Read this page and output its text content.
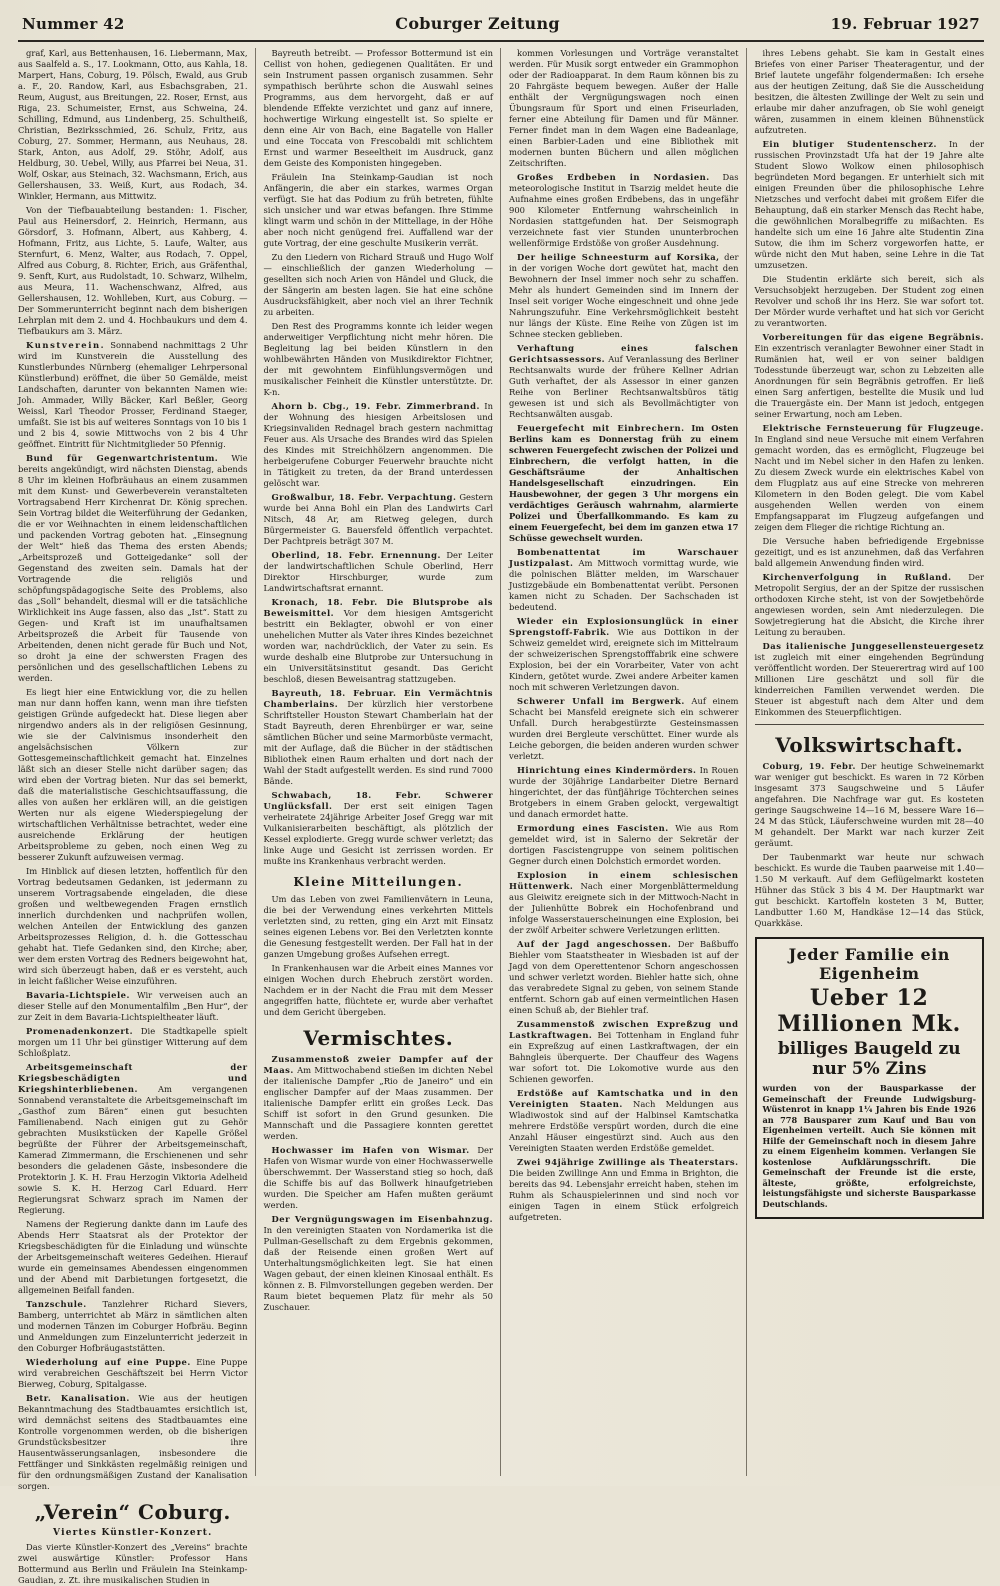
Nummer 42	Coburger Zeitung	19. Februar 1927

graf, Karl, aus Bettenhausen, 16. Liebermann, Max, aus Saalfeld a. S., 17. Lookmann, Otto, aus Kahla, 18. Marpert, Hans, Coburg, 19. Pölsch, Ewald, aus Grub a. F., 20. Randow, Karl, aus Esbachsgraben, 21. Reum, August, aus Breitungen, 22. Roser, Ernst, aus Riga, 23. Schumeister, Ernst, aus Schweina, 24. Schilling, Edmund, aus Lindenberg, 25. Schultheiß, Christian, Bezirksschmied, 26. Schulz, Fritz, aus Coburg, 27. Sommer, Hermann, aus Neuhaus, 28. Stark, Anton, aus Adolf, 29. Stöhr, Adolf, aus Heldburg, 30. Uebel, Willy, aus Pfarrei bei Neua, 31. Wolf, Oskar, aus Steinach, 32. Wachsmann, Erich, aus Gellershausen, 33. Weiß, Kurt, aus Rodach, 34. Winkler, Hermann, aus Mittwitz.

Von der Tiefbauabteilung bestanden: 1. Fischer, Paul aus Heinersdorf, 2. Heinrich, Hermann, aus Görsdorf, 3. Hofmann, Albert, aus Kahberg, 4. Hofmann, Fritz, aus Lichte, 5. Laufe, Walter, aus Sternfurt, 6. Menz, Walter, aus Rodach, 7. Oppel, Alfred aus Coburg, 8. Richter, Erich, aus Gräfenthal, 9. Senft, Kurt, aus Rudolstadt, 10. Schwarz, Wilhelm, aus Meura, 11. Wachenschwanz, Alfred, aus Gellershausen, 12. Wohlleben, Kurt, aus Coburg. — Der Sommerunterricht beginnt nach dem bisherigen Lehrplan mit dem 2. und 4. Hochbaukurs und dem 4. Tiefbaukurs am 3. März.

Kunstverein. Sonnabend nachmittags 2 Uhr wird im Kunstverein die Ausstellung des Kunstlerbundes Nürnberg (ehemaliger Lehrpersonal Künstlerbund) eröffnet, die über 50 Gemälde, meist Landschaften, darunter von bekannten Namen wie: Joh. Ammader, Willy Bäcker, Karl Beßler, Georg Weissl, Karl Theodor Prosser, Ferdinand Staeger, umfaßt. Sie ist bis auf weiteres Sonntags von 10 bis 1 und 2 bis 4, sowie Mittwochs von 2 bis 4 Uhr geöffnet. Eintritt für Nichtmitglieder 50 Pfennig.

Bund für Gegenwartchristentum. Wie bereits angekündigt, wird nächsten Dienstag, abends 8 Uhr im kleinen Hofbräuhaus an einem zusammen mit dem Kunst- und Gewerbeverein veranstalteten Vortragsabend Herr Kirchenrat Dr. König sprechen. Sein Vortrag bildet die Weiterführung der Gedanken, die er vor Weihnachten in einem leidenschaftlichen und packenden Vortrag geboten hat. „Einsegnung der Welt“ hieß das Thema des ersten Abends; „Arbeitsprozeß und Gotteigedanke“ soll der Gegenstand des zweiten sein. Damals hat der Vortragende die religiös und schöpfungspädagogische Seite des Problems, also das „Soll“ behandelt, diesmal will er die tatsächliche Wirklichkeit ins Auge fassen, also das „Ist“. Statt zu Gegen- und Kraft ist im unaufhaltsamen Arbeitsprozeß die Arbeit für Tausende von Arbeitenden, denen nicht gerade für Buch und Not, so droht ja eine der schwersten Fragen des persönlichen und des gesellschaftlichen Lebens zu werden.

Es liegt hier eine Entwicklung vor, die zu hellen man nur dann hoffen kann, wenn man ihre tiefsten geistigen Gründe aufgedeckt hat. Diese liegen aber nirgendwo anders als in der religiösen Gesinnung, wie sie der Calvinismus insonderheit den angelsächsischen Völkern zur Gottesgemeinschaftlichkeit gemacht hat. Einzelnes läßt sich an dieser Stelle nicht darüber sagen; das wird eben der Vortrag bieten. Nur das sei bemerkt, daß die materialistische Geschichtsauffassung, die alles von außen her erklären will, an die geistigen Werten nur als eigene Wiederspiegelung der wirtschaftlichen Verhältnisse betrachtet, weder eine ausreichende Erklärung der heutigen Arbeitsprobleme zu geben, noch einen Weg zu besserer Zukunft aufzuweisen vermag.

Im Hinblick auf diesen letzten, hoffentlich für den Vortrag bedeutsamen Gedanken, ist jedermann zu unserem Vortragsabende eingeladen, die diese großen und weltbewegenden Fragen ernstlich innerlich durchdenken und nachprüfen wollen, welchen Anteilen der Entwicklung des ganzen Arbeitsprozesses Religion, d. h. die Gottesschau gehabt hat. Tiefe Gedanken sind, den Kirche; aber, wer dem ersten Vortrag des Redners beigewohnt hat, wird sich überzeugt haben, daß er es versteht, auch in leicht faßlicher Weise einzuführen.

Bavaria-Lichtspiele. Wir verweisen auch an dieser Stelle auf den Monumentalfilm „Ben Hur“, der zur Zeit in dem Bavaria-Lichtspieltheater läuft.

Promenadenkonzert. Die Stadtkapelle spielt morgen um 11 Uhr bei günstiger Witterung auf dem Schloßplatz.

Arbeitsgemeinschaft der Kriegsbeschädigten und Kriegshinterbliebenen. Am vergangenen Sonnabend veranstaltete die Arbeitsgemeinschaft im „Gasthof zum Bären“ einen gut besuchten Familienabend. Nach einigen gut zu Gehör gebrachten Musikstücken der Kapelle Größel begrüßte der Führer der Arbeitsgemeinschaft, Kamerad Zimmermann, die Erschienenen und sehr besonders die geladenen Gäste, insbesondere die Protektorin J. K. H. Frau Herzogin Viktoria Adelheid sowie S. K. H. Herzog Carl Eduard. Herr Regierungsrat Schwarz sprach im Namen der Regierung.

Namens der Regierung dankte dann im Laufe des Abends Herr Staatsrat als der Protektor der Kriegsbeschädigten für die Einladung und wünschte der Arbeitsgemeinschaft weiteres Gedeihen. Hierauf wurde ein gemeinsames Abendessen eingenommen und der Abend mit Darbietungen fortgesetzt, die allgemeinen Beifall fanden.

Tanzschule. Tanzlehrer Richard Sievers, Bamberg, unterrichtet ab März in sämtlichen alten und modernen Tänzen im Coburger Hofbräu. Beginn und Anmeldungen zum Einzelunterricht jederzeit in den Coburger Hofbräugaststätten.

Wiederholung auf eine Puppe. Eine Puppe wird verabreichen Geschäftszeit bei Herrn Victor Bierweg, Coburg, Spitalgasse.

Betr. Kanalisation. Wie aus der heutigen Bekanntmachung des Stadtbauamtes ersichtlich ist, wird demnächst seitens des Stadtbauamtes eine Kontrolle vorgenommen werden, ob die bisherigen Grundstücksbesitzer ihre Hausentwässerungsanlagen, insbesondere die Fettfänger und Sinkkästen regelmäßig reinigen und für den ordnungsmäßigen Zustand der Kanalisation sorgen.

„Verein“ Coburg.
Viertes Künstler-Konzert.

Das vierte Künstler-Konzert des „Vereins“ brachte zwei auswärtige Künstler: Professor Hans Bottermund aus Berlin und Fräulein Ina Steinkamp-Gaudian, z. Zt. ihre musikalischen Studien in

Bayreuth betreibt. — Professor Bottermund ist ein Cellist von hohen, gediegenen Qualitäten. Er und sein Instrument passen organisch zusammen. Sehr sympathisch berührte schon die Auswahl seines Programms, aus dem hervorgeht, daß er auf blendende Effekte verzichtet und ganz auf innere, hochwertige Wirkung eingestellt ist. So spielte er denn eine Air von Bach, eine Bagatelle von Haller und eine Toccata von Frescobaldi mit schlichtem Ernst und warmer Beseeltheit im Ausdruck, ganz dem Geiste des Komponisten hingegeben.

Fräulein Ina Steinkamp-Gaudian ist noch Anfängerin, die aber ein starkes, warmes Organ verfügt. Sie hat das Podium zu früh betreten, fühlte sich unsicher und war etwas befangen. Ihre Stimme klingt warm und schön in der Mittellage, in der Höhe aber noch nicht genügend frei. Auffallend war der gute Vortrag, der eine geschulte Musikerin verrät.

Zu den Liedern von Richard Strauß und Hugo Wolf — einschließlich der ganzen Wiederholung — gesellten sich noch Arien von Händel und Gluck, die der Sängerin am besten lagen. Sie hat eine schöne Ausdrucksfähigkeit, aber noch viel an ihrer Technik zu arbeiten.

Den Rest des Programms konnte ich leider wegen anderweitiger Verpflichtung nicht mehr hören. Die Begleitung lag bei beiden Künstlern in den wohlbewährten Händen von Musikdirektor Fichtner, der mit gewohntem Einfühlungsvermögen und musikalischer Feinheit die Künstler unterstützte. Dr. K-n.

Ahorn b. Cbg., 19. Febr. Zimmerbrand. In der Wohnung des hiesigen Arbeitslosen und Kriegsinvaliden Rednagel brach gestern nachmittag Feuer aus. Als Ursache des Brandes wird das Spielen des Kindes mit Streichhölzern angenommen. Die herbeigerufene Coburger Feuerwehr brauchte nicht in Tätigkeit zu treten, da der Brand unterdessen gelöscht war.

Großwalbur, 18. Febr. Verpachtung. Gestern wurde bei Anna Bohl ein Plan des Landwirts Carl Nitsch, 48 Ar, am Rietweg gelegen, durch Bürgermeister G. Bauersfeld öffentlich verpachtet. Der Pachtpreis beträgt 307 M.

Oberlind, 18. Febr. Ernennung. Der Leiter der landwirtschaftlichen Schule Oberlind, Herr Direktor Hirschburger, wurde zum Landwirtschaftsrat ernannt.

Kronach, 18. Febr. Die Blutsprobe als Beweismittel. Vor dem hiesigen Amtsgericht bestritt ein Beklagter, obwohl er von einer unehelichen Mutter als Vater ihres Kindes bezeichnet worden war, nachdrücklich, der Vater zu sein. Es wurde deshalb eine Blutprobe zur Untersuchung in ein Universitätsinstitut gesandt. Das Gericht beschloß, diesen Beweisantrag stattzugeben.

Bayreuth, 18. Februar. Ein Vermächtnis Chamberlains. Der kürzlich hier verstorbene Schriftsteller Houston Stewart Chamberlain hat der Stadt Bayreuth, deren Ehrenbürger er war, seine sämtlichen Bücher und seine Marmorbüste vermacht, mit der Auflage, daß die Bücher in der städtischen Bibliothek einen Raum erhalten und dort nach der Wahl der Stadt aufgestellt werden. Es sind rund 7000 Bände.

Schwabach, 18. Febr. Schwerer Unglücksfall. Der erst seit einigen Tagen verheiratete 24jährige Arbeiter Josef Gregg war mit Vulkanisierarbeiten beschäftigt, als plötzlich der Kessel explodierte. Gregg wurde schwer verletzt; das linke Auge und Gesicht ist zerrissen worden. Er mußte ins Krankenhaus verbracht werden.

Kleine Mitteilungen.

Um das Leben von zwei Familienvätern in Leuna, die bei der Verwendung eines verkehrten Mittels verletzten sind, zu retten, ging ein Arzt mit Einsatz seines eigenen Lebens vor. Bei den Verletzten konnte die Genesung festgestellt werden. Der Fall hat in der ganzen Umgebung großes Aufsehen erregt.

In Frankenhausen war die Arbeit eines Mannes vor einigen Wochen durch Ehebruch zerstört worden. Nachdem er in der Nacht die Frau mit dem Messer angegriffen hatte, flüchtete er, wurde aber verhaftet und dem Gericht übergeben.

Vermischtes.

Zusammenstoß zweier Dampfer auf der Maas. Am Mittwochabend stießen im dichten Nebel der italienische Dampfer „Rio de Janeiro“ und ein englischer Dampfer auf der Maas zusammen. Der italienische Dampfer erlitt ein großes Leck. Das Schiff ist sofort in den Grund gesunken. Die Mannschaft und die Passagiere konnten gerettet werden.

Hochwasser im Hafen von Wismar. Der Hafen von Wismar wurde von einer Hochwasserwelle überschwemmt. Der Wasserstand stieg so hoch, daß die Schiffe bis auf das Bollwerk hinaufgetrieben wurden. Die Speicher am Hafen mußten geräumt werden.

Der Vergnügungswagen im Eisenbahnzug. In den vereinigten Staaten von Nordamerika ist die Pullman-Gesellschaft zu dem Ergebnis gekommen, daß der Reisende einen großen Wert auf Unterhaltungsmöglichkeiten legt. Sie hat einen Wagen gebaut, der einen kleinen Kinosaal enthält. Es können z. B. Filmvorstellungen gegeben werden. Der Raum bietet bequemen Platz für mehr als 50 Zuschauer.

kommen Vorlesungen und Vorträge veranstaltet werden. Für Musik sorgt entweder ein Grammophon oder der Radioapparat. In dem Raum können bis zu 20 Fahrgäste bequem bewegen. Außer der Halle enthält der Vergnügungswagen noch einen Übungsraum für Sport und einen Friseurladen, ferner eine Abteilung für Damen und für Männer. Ferner findet man in dem Wagen eine Badeanlage, einen Barbier-Laden und eine Bibliothek mit modernen bunten Büchern und allen möglichen Zeitschriften.

Großes Erdbeben in Nordasien. Das meteorologische Institut in Tsarzig meldet heute die Aufnahme eines großen Erdbebens, das in ungefähr 900 Kilometer Entfernung wahrscheinlich in Nordasien stattgefunden hat. Der Seismograph verzeichnete fast vier Stunden ununterbrochen wellenförmige Erdstöße von großer Ausdehnung.

Der heilige Schneesturm auf Korsika, der in der vorigen Woche dort gewütet hat, macht den Bewohnern der Insel immer noch sehr zu schaffen. Mehr als hundert Gemeinden sind im Innern der Insel seit voriger Woche eingeschneit und ohne jede Nahrungszufuhr. Eine Verkehrsmöglichkeit besteht nur längs der Küste. Eine Reihe von Zügen ist im Schnee stecken geblieben.

Verhaftung eines falschen Gerichtsassessors. Auf Veranlassung des Berliner Rechtsanwalts wurde der frühere Kellner Adrian Guth verhaftet, der als Assessor in einer ganzen Reihe von Berliner Rechtsanwaltsbüros tätig gewesen ist und sich als Bevollmächtigter von Rechtsanwälten ausgab.

Feuergefecht mit Einbrechern. Im Osten Berlins kam es Donnerstag früh zu einem schweren Feuergefecht zwischen der Polizei und Einbrechern, die verfolgt hatten, in die Geschäftsräume der Anhaltischen Handelsgesellschaft einzudringen. Ein Hausbewohner, der gegen 3 Uhr morgens ein verdächtiges Geräusch wahrnahm, alarmierte Polizei und Überfallkommando. Es kam zu einem Feuergefecht, bei dem im ganzen etwa 17 Schüsse gewechselt wurden.

Bombenattentat im Warschauer Justizpalast. Am Mittwoch vormittag wurde, wie die polnischen Blätter melden, im Warschauer Justizgebäude ein Bombenattentat verübt. Personen kamen nicht zu Schaden. Der Sachschaden ist bedeutend.

Wieder ein Explosionsunglück in einer Sprengstoff-Fabrik. Wie aus Dottikon in der Schweiz gemeldet wird, ereignete sich im Mittelraum der schweizerischen Sprengstofffabrik eine schwere Explosion, bei der ein Vorarbeiter, Vater von acht Kindern, getötet wurde. Zwei andere Arbeiter kamen noch mit schweren Verletzungen davon.

Schwerer Unfall im Bergwerk. Auf einem Schacht bei Mansfeld ereignete sich ein schwerer Unfall. Durch herabgestürzte Gesteinsmassen wurden drei Bergleute verschüttet. Einer wurde als Leiche geborgen, die beiden anderen wurden schwer verletzt.

Hinrichtung eines Kindermörders. In Rouen wurde der 30jährige Landarbeiter Dietre Bernard hingerichtet, der das fünfjährige Töchterchen seines Brotgebers in einem Graben gelockt, vergewaltigt und danach ermordet hatte.

Ermordung eines Fascisten. Wie aus Rom gemeldet wird, ist in Salerno der Sekretär der dortigen Fascistengruppe von seinem politischen Gegner durch einen Dolchstich ermordet worden.

Explosion in einem schlesischen Hüttenwerk. Nach einer Morgenblättermeldung aus Gleiwitz ereignete sich in der Mittwoch-Nacht in der Julienhütte Bobrek ein Hochofenbrand und infolge Wasserstauerscheinungen eine Explosion, bei der zwölf Arbeiter schwere Verletzungen erlitten.

Auf der Jagd angeschossen. Der Baßbuffo Biehler vom Staatstheater in Wiesbaden ist auf der Jagd von dem Operettentenor Schorn angeschossen und schwer verletzt worden. Biehler hatte sich, ohne das verabredete Signal zu geben, von seinem Stande entfernt. Schorn gab auf einen vermeintlichen Hasen einen Schuß ab, der Biehler traf.

Zusammenstoß zwischen Expreßzug und Lastkraftwagen. Bei Tottenham in England fuhr ein Expreßzug auf einen Lastkraftwagen, der ein Bahngleis überquerte. Der Chauffeur des Wagens war sofort tot. Die Lokomotive wurde aus den Schienen geworfen.

Erdstöße auf Kamtschatka und in den Vereinigten Staaten. Nach Meldungen aus Wladiwostok sind auf der Halbinsel Kamtschatka mehrere Erdstöße verspürt worden, durch die eine Anzahl Häuser eingestürzt sind. Auch aus den Vereinigten Staaten werden Erdstöße gemeldet.

Zwei 94jährige Zwillinge als Theaterstars. Die beiden Zwillinge Ann und Emma in Brighton, die bereits das 94. Lebensjahr erreicht haben, stehen im Ruhm als Schauspielerinnen und sind noch vor einigen Tagen in einem Stück erfolgreich aufgetreten.

ihres Lebens gehabt. Sie kam in Gestalt eines Briefes von einer Pariser Theateragentur, und der Brief lautete ungefähr folgendermaßen: Ich ersehe aus der heutigen Zeitung, daß Sie die Ausscheidung besitzen, die ältesten Zwillinge der Welt zu sein und erlaube mir daher anzufragen, ob Sie wohl geneigt wären, zusammen in einem kleinen Bühnenstück aufzutreten.

Ein blutiger Studentenscherz. In der russischen Provinzstadt Ufa hat der 19 Jahre alte Student Slowo Wolkow einen philosophisch begründeten Mord begangen. Er unterhielt sich mit einigen Freunden über die philosophische Lehre Nietzsches und verfocht dabei mit großem Eifer die Behauptung, daß ein starker Mensch das Recht habe, die gewöhnlichen Moralbegriffe zu mißachten. Es handelte sich um eine 16 Jahre alte Studentin Zina Sutow, die ihm im Scherz vorgeworfen hatte, er würde nicht den Mut haben, seine Lehre in die Tat umzusetzen.

Die Studentin erklärte sich bereit, sich als Versuchsobjekt herzugeben. Der Student zog einen Revolver und schoß ihr ins Herz. Sie war sofort tot. Der Mörder wurde verhaftet und hat sich vor Gericht zu verantworten.

Vorbereitungen für das eigene Begräbnis. Ein exzentrisch veranlagter Bewohner einer Stadt in Rumänien hat, weil er von seiner baldigen Todesstunde überzeugt war, schon zu Lebzeiten alle Anordnungen für sein Begräbnis getroffen. Er ließ einen Sarg anfertigen, bestellte die Musik und lud die Trauergäste ein. Der Mann ist jedoch, entgegen seiner Erwartung, noch am Leben.

Elektrische Fernsteuerung für Flugzeuge. In England sind neue Versuche mit einem Verfahren gemacht worden, das es ermöglicht, Flugzeuge bei Nacht und im Nebel sicher in den Hafen zu lenken. Zu diesem Zweck wurde ein elektrisches Kabel von dem Flugplatz aus auf eine Strecke von mehreren Kilometern in den Boden gelegt. Die vom Kabel ausgehenden Wellen werden von einem Empfangsapparat im Flugzeug aufgefangen und zeigen dem Flieger die richtige Richtung an.

Die Versuche haben befriedigende Ergebnisse gezeitigt, und es ist anzunehmen, daß das Verfahren bald allgemein Anwendung finden wird.

Kirchenverfolgung in Rußland. Der Metropolit Sergius, der an der Spitze der russischen orthodoxen Kirche steht, ist von der Sowjetbehörde angewiesen worden, sein Amt niederzulegen. Die Sowjetregierung hat die Absicht, die Kirche ihrer Leitung zu berauben.

Das italienische Junggesellensteuergesetz ist zugleich mit einer eingehenden Begründung veröffentlicht worden. Der Steuerertrag wird auf 100 Millionen Lire geschätzt und soll für die kinderreichen Familien verwendet werden. Die Steuer ist abgestuft nach dem Alter und dem Einkommen des Steuerpflichtigen.

Volkswirtschaft.

Coburg, 19. Febr. Der heutige Schweinemarkt war weniger gut beschickt. Es waren in 72 Körben insgesamt 373 Saugschweine und 5 Läufer angefahren. Die Nachfrage war gut. Es kosteten geringe Saugschweine 14—16 M, bessere Ware 16—24 M das Stück, Läuferschweine wurden mit 28—40 M gehandelt. Der Markt war nach kurzer Zeit geräumt.

Der Taubenmarkt war heute nur schwach beschickt. Es wurde die Tauben paarweise mit 1.40—1.50 M verkauft. Auf dem Geflügelmarkt kosteten Hühner das Stück 3 bis 4 M. Der Hauptmarkt war gut beschickt. Kartoffeln kosteten 3 M, Butter, Landbutter 1.60 M, Handkäse 12—14 das Stück, Quarkkäse.

Jeder Familie ein Eigenheim
Ueber 12 Millionen Mk.
billiges Baugeld zu nur 5% Zins

wurden von der Bausparkasse der Gemeinschaft der Freunde Ludwigsburg-Wüstenrot in knapp 1¼ Jahren bis Ende 1926 an 778 Bausparer zum Kauf und Bau von Eigenheimen verteilt. Auch Sie können mit Hilfe der Gemeinschaft noch in diesem Jahre zu einem Eigenheim kommen. Verlangen Sie kostenlose Aufklärungsschrift. Die Gemeinschaft der Freunde ist die erste, älteste, größte, erfolgreichste, leistungsfähigste und sicherste Bausparkasse Deutschlands.
